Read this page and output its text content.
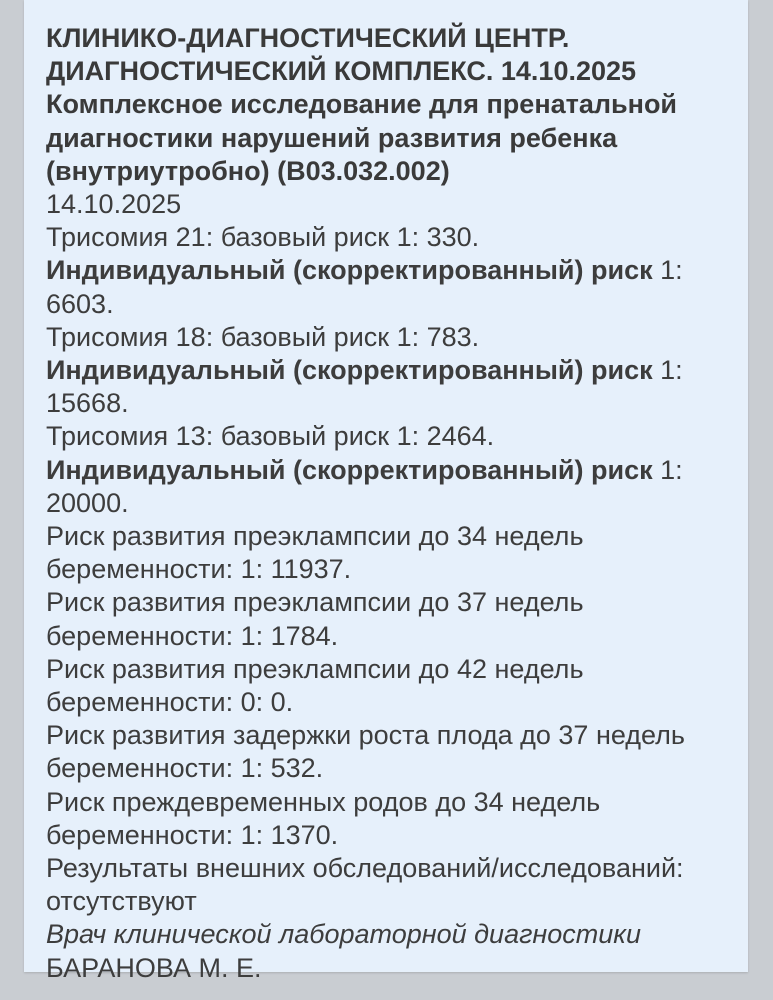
КЛИНИКО-ДИАГНОСТИЧЕСКИЙ ЦЕНТР.

ДИАГНОСТИЧЕСКИЙ КОМПЛЕКС. 14.10.2025

Комплексное исследование для пренатальной

диагностики нарушений развития ребенка

(внутриутробно) (B03.032.002)

14.10.2025

Трисомия 21: базовый риск 1: 330.

Индивидуальный (скорректированный) риск 1:

6603.

Трисомия 18: базовый риск 1: 783.

Индивидуальный (скорректированный) риск 1:

15668.

Трисомия 13: базовый риск 1: 2464.

Индивидуальный (скорректированный) риск 1:

20000.

Риск развития преэклампсии до 34 недель

беременности: 1: 11937.

Риск развития преэклампсии до 37 недель

беременности: 1: 1784.

Риск развития преэклампсии до 42 недель

беременности: 0: 0.

Риск развития задержки роста плода до 37 недель

беременности: 1: 532.

Риск преждевременных родов до 34 недель

беременности: 1: 1370.

Результаты внешних обследований/исследований:

отсутствуют

Врач клинической лабораторной диагностики

БАРАНОВА М. Е.
